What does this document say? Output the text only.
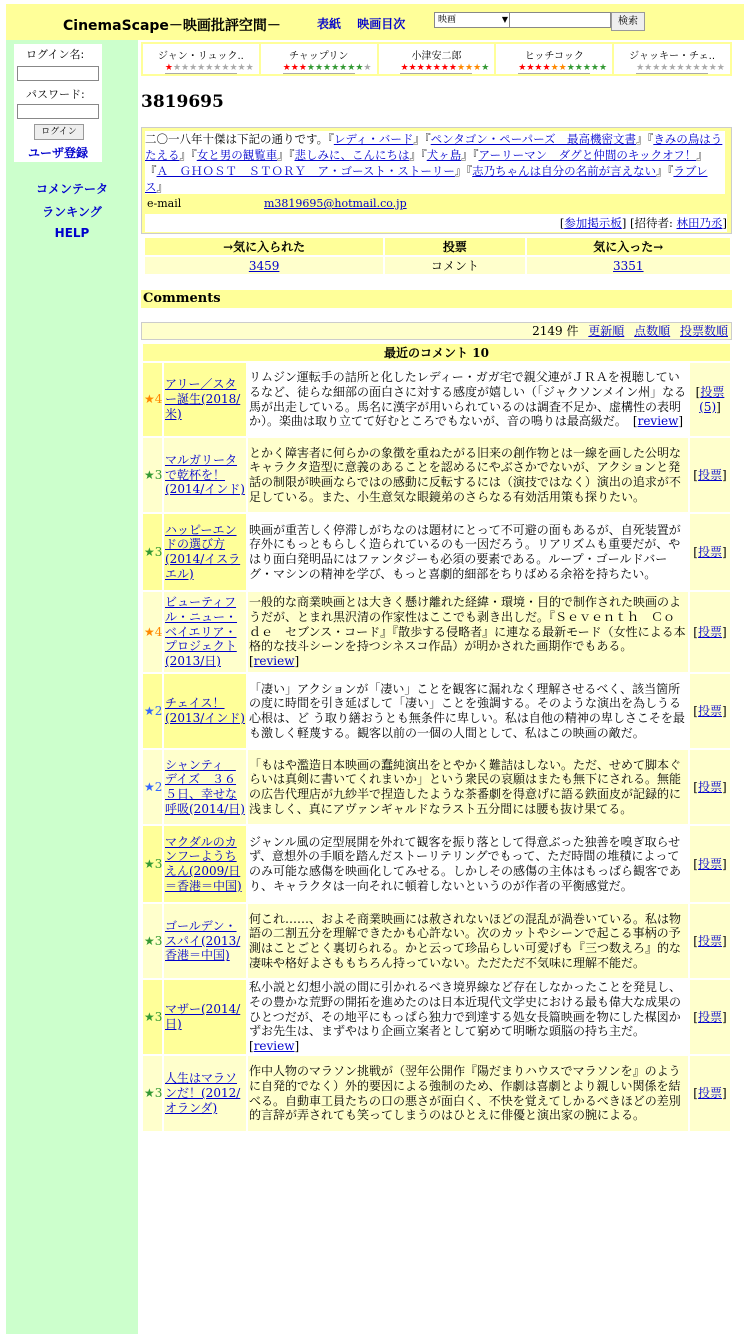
CinemaScape－映画批評空間－	表紙 映画目次	映画	▼	検索
ログイン名:
パスワード:
ログイン
ユーザ登録
コメンテータ
ランキング
HELP
ジャン・リュック..
★★★★★★★★★★★
チャップリン
★★★★★★★★★★★
小津安二郎
★★★★★★★★★★★
ヒッチコック
★★★★★★★★★★★
ジャッキー・チェ..
★★★★★★★★★★★
3819695
二〇一八年十傑は下記の通りです。『レディ・バード』『ペンタゴン・ペーパーズ　最高機密文書』『きみの鳥はうたえる』『女と男の観覧車』『悲しみに、こんにちは』『犬ヶ島』『アーリーマン　ダグと仲間のキックオフ！』『Ａ　ＧＨＯＳＴ　ＳＴＯＲＹ　ア・ゴースト・ストーリー』『志乃ちゃんは自分の名前が言えない』『ラブレス』
e-mail	m3819695@hotmail.co.jp
[参加掲示板] [招待者: 林田乃丞]
→気に入られた	投票	気に入った→
3459	コメント	3351
Comments
2149 件 更新順 点数順 投票数順
最近のコメント 10			
★4	アリー／スター誕生(2018/米)	リムジン運転手の詰所と化したレディー・ガガ宅で親父連がＪＲＡを視聴しているなど、徒らな細部の面白さに対する感度が嬉しい（「ジャクソンメイン州」なる馬が出走している。馬名に漢字が用いられているのは調査不足か、虚構性の表明か）。楽曲は取り立てて好むところでもないが、音の鳴りは最高級だ。　[review]	[投票(5)]
★3	マルガリータで乾杯を！(2014/インド)	とかく障害者に何らかの象徴を重ねたがる旧来の創作物とは一線を画した公明なキャラクタ造型に意義のあることを認めるにやぶさかでないが、アクションと発話の制限が映画ならではの感動に反転するには（演技ではなく）演出の追求が不足している。また、小生意気な眼鏡弟のさらなる有効活用策も探りたい。	[投票]
★3	ハッピーエンドの選び方(2014/イスラエル)	映画が重苦しく停滞しがちなのは題材にとって不可避の面もあるが、自死装置が存外にもっともらしく造られているのも一因だろう。リアリズムも重要だが、やはり面白発明品にはファンタジーも必須の要素である。ループ・ゴールドバーグ・マシンの精神を学び、もっと喜劇的細部をちりばめる余裕を持ちたい。	[投票]
★4	ビューティフル・ニュー・ベイエリア・プロジェクト(2013/日)	一般的な商業映画とは大きく懸け離れた経緯・環境・目的で制作された映画のようだが、とまれ黒沢清の作家性はここでも剥き出しだ。『Ｓｅｖｅｎｔｈ　Ｃｏｄｅ　セブンス・コード』『散歩する侵略者』に連なる最新モード（女性による本格的な技斗シーンを持つシネスコ作品）が明かされた画期作でもある。　[review]	[投票]
★2	チェイス！(2013/インド)	「凄い」アクションが「凄い」ことを観客に漏れなく理解させるべく、該当箇所の度に時間を引き延ばして「凄い」ことを強調する。そのような演出を為しうる心根は、ど う取り繕おうとも無条件に卑しい。私は自他の精神の卑しさこそを最も激しく軽蔑する。観客以前の一個の人間として、私はこの映画の敵だ。	[投票]
★2	シャンティ　デイズ　３６５日、幸せな呼吸(2014/日)	「もはや濫造日本映画の蠢純演出をとやかく難詰はしない。ただ、せめて脚本ぐらいは真剣に書いてくれまいか」という衆民の哀願はまたも無下にされる。無能の広告代理店が九紗半で捏造したような茶番劇を得意げに語る鉄面皮が記録的に浅ましく、真にアヴァンギャルドなラスト五分間には腰も抜け果てる。	[投票]
★3	マクダルのカンフーようちえん(2009/日＝香港＝中国)	ジャンル風の定型展開を外れて観客を振り落として得意ぶった独善を嗅ぎ取らせず、意想外の手順を踏んだストーリテリングでもって、ただ時間の堆積によってのみ可能な感傷を映画化してみせる。しかしその感傷の主体はもっぱら観客であり、キャラクタは一向それに頓着しないというのが作者の平衡感覚だ。	[投票]
★3	ゴールデン・スパイ(2013/香港＝中国)	何これ……、およそ商業映画には赦されないほどの混乱が渦巻いている。私は物語の二割五分を理解できたかも心許ない。次のカットやシーンで起こる事柄の予測はことごとく裏切られる。かと云って珍品らしい可愛げも『三つ数えろ』的な凄味や格好よさももちろん持っていない。ただただ不気味に理解不能だ。	[投票]
★3	マザー(2014/日)	私小説と幻想小説の間に引かれるべき境界線など存在しなかったことを発見し、その豊かな荒野の開拓を進めたのは日本近現代文学史における最も偉大な成果のひとつだが、その地平にもっぱら独力で到達する処女長篇映画を物にした楳図かずお先生は、まずやはり企画立案者として窮めて明晰な頭脳の持ち主だ。　[review]	[投票]
★3	人生はマラソンだ！(2012/オランダ)	作中人物のマラソン挑戦が（翌年公開作『陽だまりハウスでマラソンを』のように自発的でなく）外的要因による強制のため、作劇は喜劇とより親しい関係を結べる。自動車工員たちの口の悪さが面白く、不快を覚えてしかるべきほどの差別的言辞が弄されても笑ってしまうのはひとえに俳優と演出家の腕による。	[投票]
